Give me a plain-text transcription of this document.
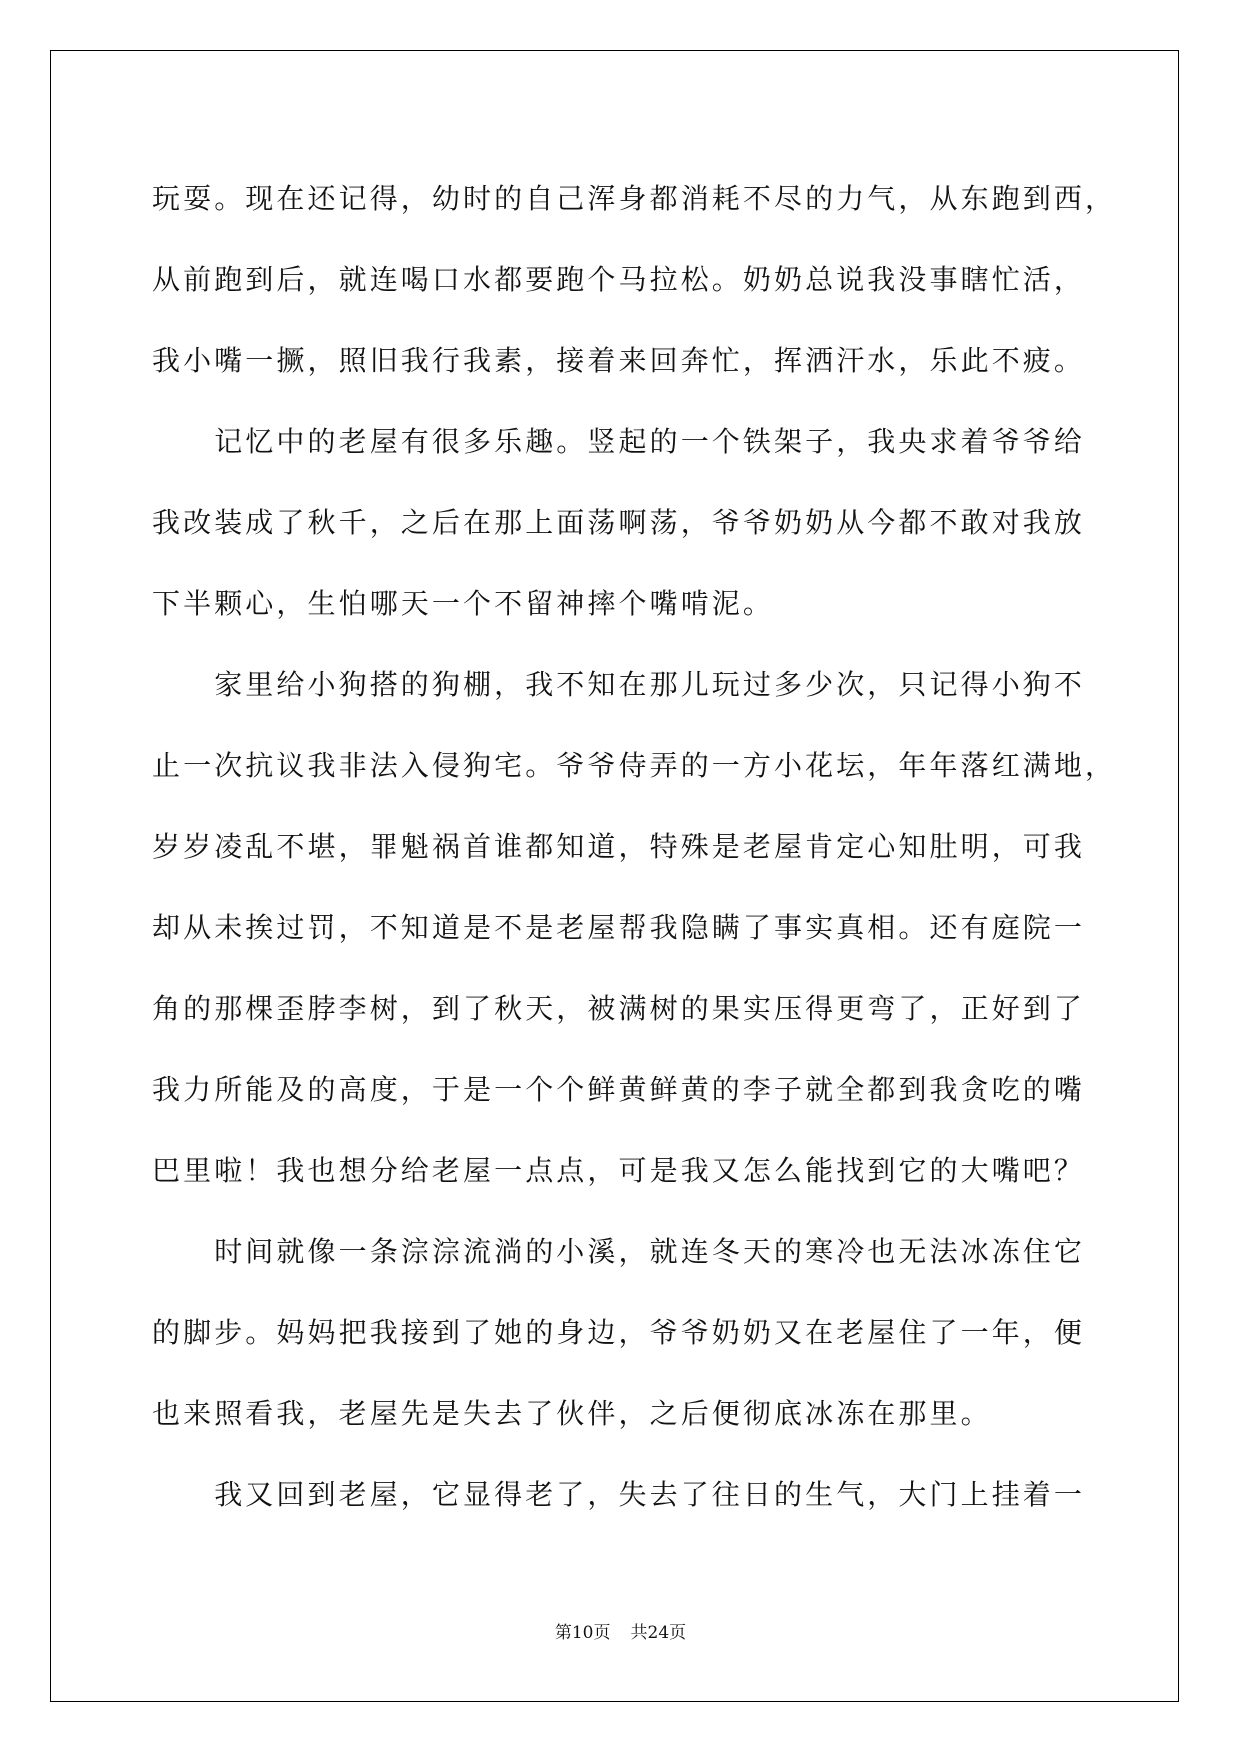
玩耍。现在还记得，幼时的自己浑身都消耗不尽的力气，从东跑到西，
从前跑到后，就连喝口水都要跑个马拉松。奶奶总说我没事瞎忙活，
我小嘴一撅，照旧我行我素，接着来回奔忙，挥洒汗水，乐此不疲。
　　记忆中的老屋有很多乐趣。竖起的一个铁架子，我央求着爷爷给
我改装成了秋千，之后在那上面荡啊荡，爷爷奶奶从今都不敢对我放
下半颗心，生怕哪天一个不留神摔个嘴啃泥。
　　家里给小狗搭的狗棚，我不知在那儿玩过多少次，只记得小狗不
止一次抗议我非法入侵狗宅。爷爷侍弄的一方小花坛，年年落红满地，
岁岁凌乱不堪，罪魁祸首谁都知道，特殊是老屋肯定心知肚明，可我
却从未挨过罚，不知道是不是老屋帮我隐瞒了事实真相。还有庭院一
角的那棵歪脖李树，到了秋天，被满树的果实压得更弯了，正好到了
我力所能及的高度，于是一个个鲜黄鲜黄的李子就全都到我贪吃的嘴
巴里啦！我也想分给老屋一点点，可是我又怎么能找到它的大嘴吧？
　　时间就像一条淙淙流淌的小溪，就连冬天的寒冷也无法冰冻住它
的脚步。妈妈把我接到了她的身边，爷爷奶奶又在老屋住了一年，便
也来照看我，老屋先是失去了伙伴，之后便彻底冰冻在那里。
　　我又回到老屋，它显得老了，失去了往日的生气，大门上挂着一
第10页 共24页
